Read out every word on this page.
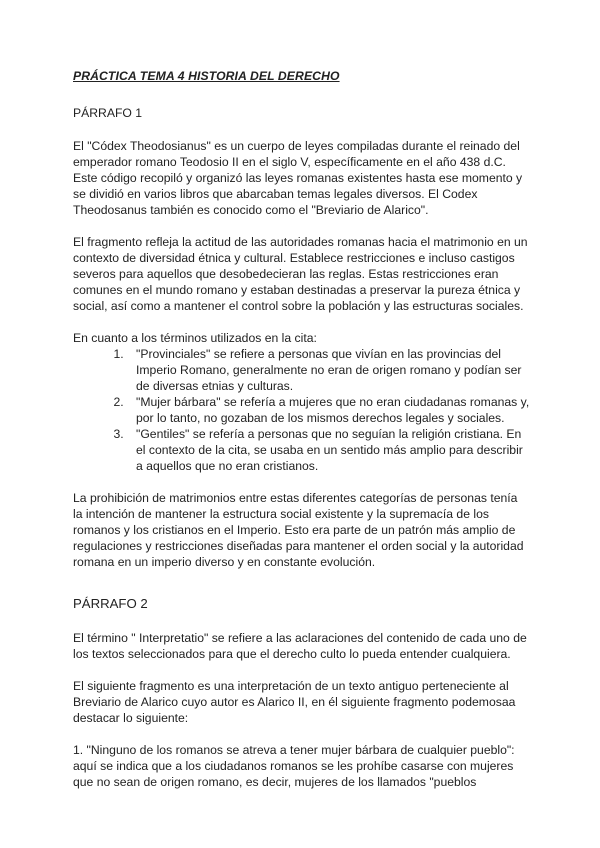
PRÁCTICA TEMA 4 HISTORIA DEL DERECHO
PÁRRAFO 1

El "Códex Theodosianus" es un cuerpo de leyes compiladas durante el reinado del emperador romano Teodosio II en el siglo V, específicamente en el año 438 d.C. Este código recopiló y organizó las leyes romanas existentes hasta ese momento y se dividió en varios libros que abarcaban temas legales diversos. El Codex Theodosanus también es conocido como el "Breviario de Alarico".

El fragmento refleja la actitud de las autoridades romanas hacia el matrimonio en un contexto de diversidad étnica y cultural. Establece restricciones e incluso castigos severos para aquellos que desobedecieran las reglas. Estas restricciones eran comunes en el mundo romano y estaban destinadas a preservar la pureza étnica y social, así como a mantener el control sobre la población y las estructuras sociales.

En cuanto a los términos utilizados en la cita:

1. "Provinciales" se refiere a personas que vivían en las provincias del Imperio Romano, generalmente no eran de origen romano y podían ser de diversas etnias y culturas.
2. "Mujer bárbara" se refería a mujeres que no eran ciudadanas romanas y, por lo tanto, no gozaban de los mismos derechos legales y sociales.
3. "Gentiles" se refería a personas que no seguían la religión cristiana. En el contexto de la cita, se usaba en un sentido más amplio para describir a aquellos que no eran cristianos.

La prohibición de matrimonios entre estas diferentes categorías de personas tenía la intención de mantener la estructura social existente y la supremacía de los romanos y los cristianos en el Imperio. Esto era parte de un patrón más amplio de regulaciones y restricciones diseñadas para mantener el orden social y la autoridad romana en un imperio diverso y en constante evolución.

PÁRRAFO 2

El término " Interpretatio" se refiere a las aclaraciones del contenido de cada uno de los textos seleccionados para que el derecho culto lo pueda entender cualquiera.

El siguiente fragmento es una interpretación de un texto antiguo perteneciente al Breviario de Alarico cuyo autor es Alarico II, en él siguiente fragmento podemosaa destacar lo siguiente:

1. "Ninguno de los romanos se atreva a tener mujer bárbara de cualquier pueblo": aquí se indica que a los ciudadanos romanos se les prohíbe casarse con mujeres que no sean de origen romano, es decir, mujeres de los llamados "pueblos
